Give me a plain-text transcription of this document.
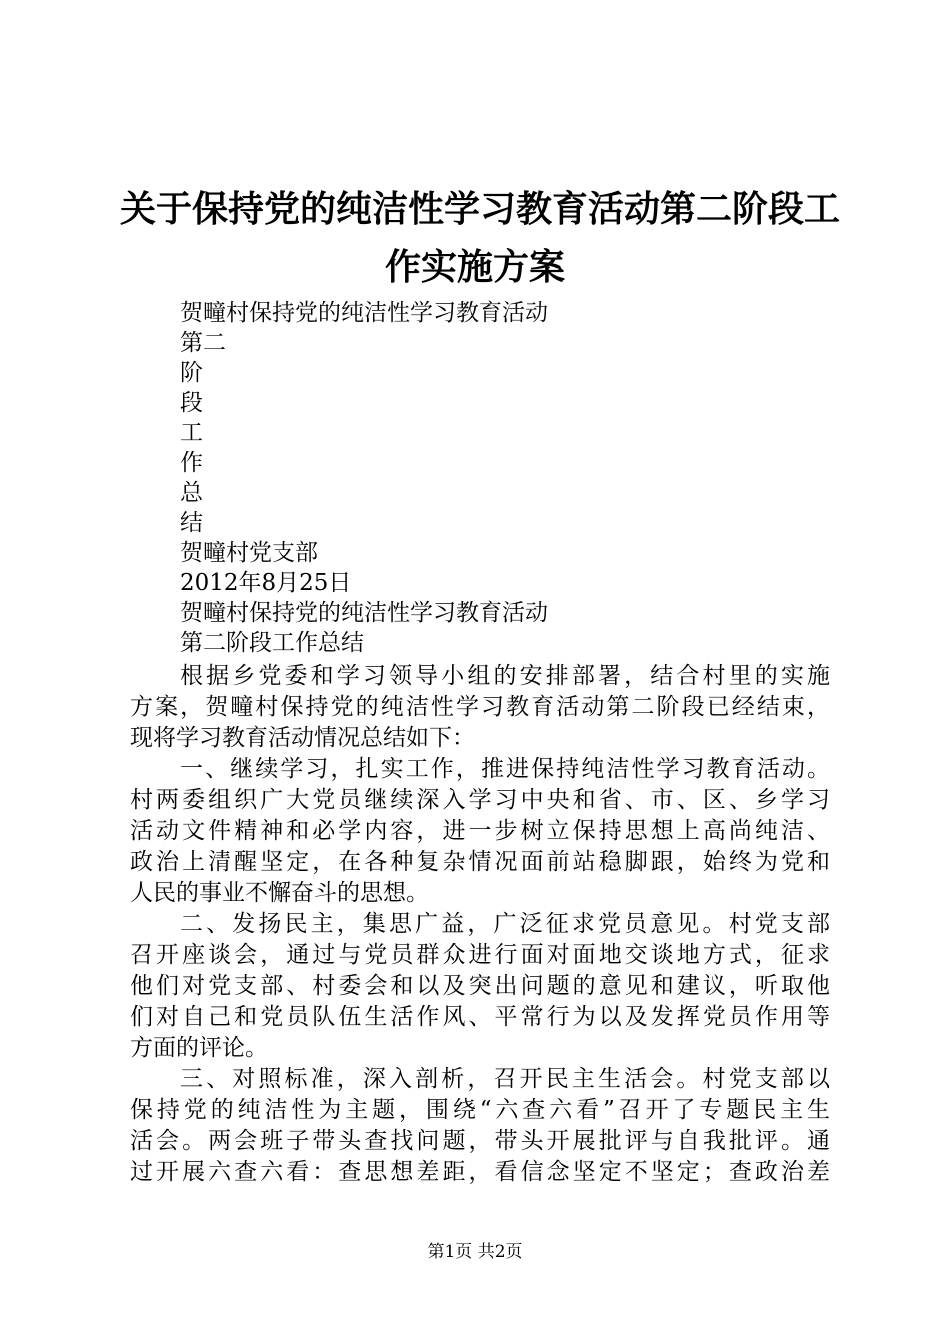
关于保持党的纯洁性学习教育活动第二阶段工
作实施方案
贺疃村保持党的纯洁性学习教育活动
第二
阶
段
工
作
总
结
贺疃村党支部
2012年8月25日
贺疃村保持党的纯洁性学习教育活动
第二阶段工作总结
根据乡党委和学习领导小组的安排部署，结合村里的实施
方案，贺疃村保持党的纯洁性学习教育活动第二阶段已经结束，
现将学习教育活动情况总结如下：
一、继续学习，扎实工作，推进保持纯洁性学习教育活动。
村两委组织广大党员继续深入学习中央和省、市、区、乡学习
活动文件精神和必学内容，进一步树立保持思想上高尚纯洁、
政治上清醒坚定，在各种复杂情况面前站稳脚跟，始终为党和
人民的事业不懈奋斗的思想。
二、发扬民主，集思广益，广泛征求党员意见。村党支部
召开座谈会，通过与党员群众进行面对面地交谈地方式，征求
他们对党支部、村委会和以及突出问题的意见和建议，听取他
们对自己和党员队伍生活作风、平常行为以及发挥党员作用等
方面的评论。
三、对照标准，深入剖析，召开民主生活会。村党支部以
保持党的纯洁性为主题，围绕“六查六看”召开了专题民主生
活会。两会班子带头查找问题，带头开展批评与自我批评。通
过开展六查六看：查思想差距，看信念坚定不坚定；查政治差
第1页 共2页
